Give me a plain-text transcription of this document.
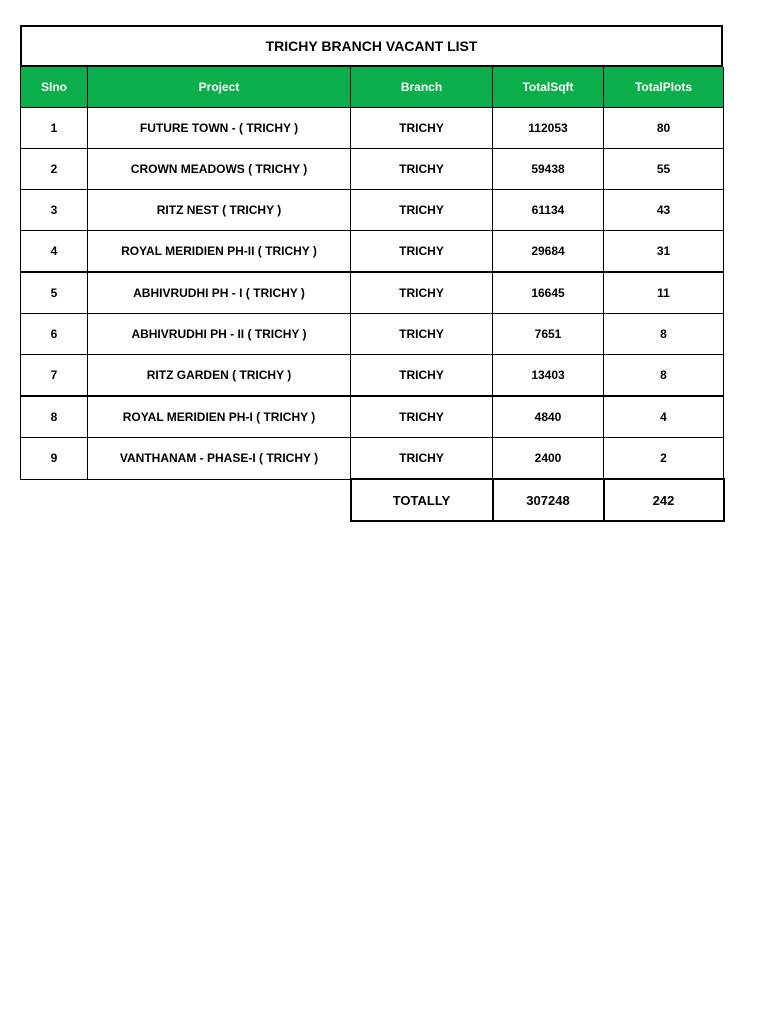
TRICHY BRANCH VACANT LIST
Slno	Project	Branch	TotalSqft	TotalPlots
1	FUTURE TOWN - ( TRICHY )	TRICHY	112053	80
2	CROWN MEADOWS ( TRICHY )	TRICHY	59438	55
3	RITZ NEST ( TRICHY )	TRICHY	61134	43
4	ROYAL MERIDIEN PH-II ( TRICHY )	TRICHY	29684	31
5	ABHIVRUDHI PH - I ( TRICHY )	TRICHY	16645	11
6	ABHIVRUDHI PH - II ( TRICHY )	TRICHY	7651	8
7	RITZ GARDEN ( TRICHY )	TRICHY	13403	8
8	ROYAL MERIDIEN PH-I ( TRICHY )	TRICHY	4840	4
9	VANTHANAM - PHASE-I ( TRICHY )	TRICHY	2400	2
		TOTALLY	307248	242
